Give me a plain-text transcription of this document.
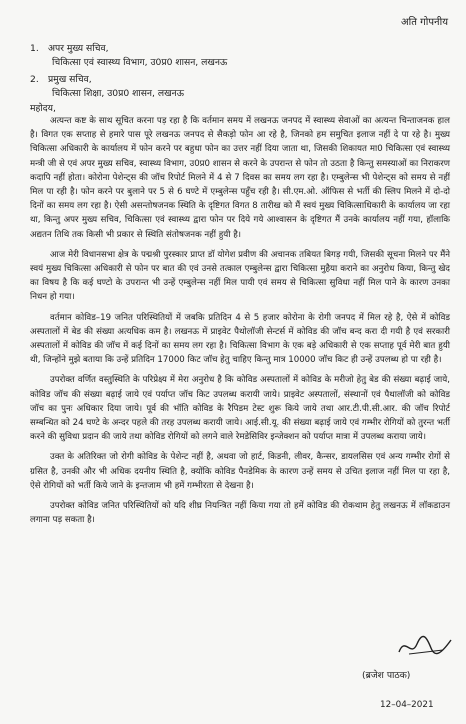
अति गोपनीय
1. अपर मुख्य सचिव,
चिकित्सा एवं स्वास्थ्य विभाग, उ0प्र0 शासन, लखनऊ
2. प्रमुख सचिव,
चिकित्सा शिक्षा, उ0प्र0 शासन, लखनऊ
महोदय,

अत्यन्त कष्ट के साथ सूचित करना पड़ रहा है कि वर्तमान समय में लखनऊ जनपद में स्वास्थ्य सेवाओं का अत्यन्त चिन्ताजनक हाल है। विगत एक सप्ताह से हमारे पास पूरे लखनऊ जनपद से सैकड़ो फोन आ रहे है, जिनको हम समुचित इलाज नहीं दे पा रहे है। मुख्य चिकित्सा अधिकारी के कार्यालय में फोन करने पर बहुधा फोन का उत्तर नहीं दिया जाता था, जिसकी शिकायत मा0 चिकित्सा एवं स्वास्थ्य मन्त्री जी से एवं अपर मुख्य सचिव, स्वास्थ्य विभाग, उ0प्र0 शासन से करने के उपरान्त से फोन तो उठता है किन्तु समस्याओं का निराकरण कदापि नहीं होता। कोरोना पेशेन्ट्स की जॉच रिपोर्ट मिलने में 4 से 7 दिवस का समय लग रहा है। एम्बुलेन्स भी पेशेन्ट्स को समय से नहीं मिल पा रही है। फोन करने पर बुलाने पर 5 से 6 घण्टे में एम्बुलेन्स पहुँच रही है। सी.एम.ओ. ऑफिस से भर्ती की स्लिप मिलने में दो-दो दिनों का समय लग रहा है। ऐसी असन्तोषजनक स्थिति के दृष्टिगत विगत 8 तारीख को मैं स्वयं मुख्य चिकित्साधिकारी के कार्यालय जा रहा था, किन्तु अपर मुख्य सचिव, चिकित्सा एवं स्वास्थ्य द्वारा फोन पर दिये गये आश्वासन के दृष्टिगत मैं उनके कार्यालय नहीं गया, हॉलाकि अद्यतन तिथि तक किसी भी प्रकार से स्थिति संतोषजनक नहीं हुयी है।

आज मेरी विधानसभा क्षेत्र के पद्मश्री पुरस्कार प्राप्त डॉ योगेश प्रवीण की अचानक तबियत बिगड़ गयी, जिसकी सूचना मिलने पर मैंने स्वयं मुख्य चिकित्सा अधिकारी से फोन पर बात की एवं उनसे तत्काल एम्बुलेन्स द्वारा चिकित्सा मुहैया कराने का अनुरोध किया, किन्तु खेद का विषय है कि कई घण्टो के उपरान्त भी उन्हें एम्बुलेन्स नहीं मिल पायी एवं समय से चिकित्सा सुविधा नहीं मिल पाने के कारण उनका निधन हो गया।

वर्तमान कोविड–19 जनित परिस्थितियों में जबकि प्रतिदिन 4 से 5 हजार कोरोना के रोगी जनपद में मिल रहे है, ऐसे में कोविड अस्पतालों में बेड की संख्या अत्यधिक कम है। लखनऊ में प्राइवेट पैथोलॉजी सेन्टर्स में कोविड की जॉच बन्द करा दी गयी है एवं सरकारी अस्पतालों में कोविड की जॉच में कई दिनों का समय लग रहा है। चिकित्सा विभाग के एक बड़े अधिकारी से एक सप्ताह पूर्व मेरी बात हुयी थी, जिन्होंने मुझे बताया कि उन्हें प्रतिदिन 17000 किट जॉच हेतु चाहिए किन्तु मात्र 10000 जॉच किट ही उन्हें उपलब्ध हो पा रही है।

उपरोक्त वर्णित वस्तुस्थिति के परिप्रेक्ष्य में मेरा अनुरोध है कि कोविड अस्पतालों में कोविड के मरीजो हेतु बेड की संख्या बढ़ाई जाये, कोविड जॉच की संख्या बढ़ाई जाये एवं पर्याप्त जॉच किट उपलब्ध करायी जाये। प्राइवेट अस्पतालों, संस्थानों एवं पैथालॉजी को कोविड जॉच का पुनः अधिकार दिया जाये। पूर्व की भॉति कोविड के रैपिडम टेस्ट शुरू किये जाये तथा आर.टी.पी.सी.आर. की जॉच रिपोर्ट सम्बन्धित को 24 घण्टे के अन्दर पहले की तरह उपलब्ध करायी जाये। आई.सी.यू. की संख्या बढ़ाई जाये एवं गम्भीर रोगियों को तुरन्त भर्ती करने की सुविधा प्रदान की जाये तथा कोविड रोगियों को लगने वाले रेमडेसिविर इन्जेक्शन को पर्याप्त मात्रा में उपलब्ध कराया जाये।

उक्त के अतिरिक्त जो रोगी कोविड के पेशेन्ट नहीं है, अथवा जो हार्ट, किडनी, लीवर, कैन्सर, डायलसिस एवं अन्य गम्भीर रोगों से ग्रसित है, उनकी और भी अधिक दयनीय स्थिति है, क्योंकि कोविड पैनडेमिक के कारण उन्हें समय से उचित इलाज नहीं मिल पा रहा है, ऐसे रोगियों को भर्ती किये जाने के इन्तजाम भी हमें गम्भीरता से देखना है।

उपरोक्त कोविड जनित परिस्थितियों को यदि शीघ्र नियन्त्रित नहीं किया गया तो हमें कोविड की रोकथाम हेतु लखनऊ में लॉकडाउन लगाना पड़ सकता है।

(ब्रजेश पाठक)
12–04–2021
